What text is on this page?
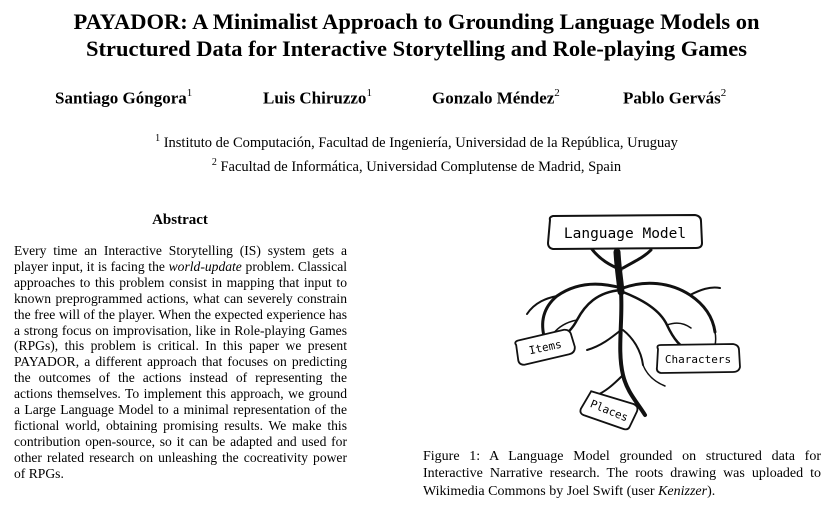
PAYADOR: A Minimalist Approach to Grounding Language Models on
Structured Data for Interactive Storytelling and Role-playing Games
Santiago Góngora$^1$	Luis Chiruzzo$^1$	Gonzalo Méndez$^2$	Pablo Gervás$^2$
$^1$ Instituto de Computación, Facultad de Ingeniería, Universidad de la República, Uruguay
$^2$ Facultad de Informática, Universidad Complutense de Madrid, Spain
Abstract

Every time an Interactive Storytelling (IS) system gets a player input, it is facing the world-update problem. Classical approaches to this problem consist in mapping that input to known preprogrammed actions, what can severely constrain the free will of the player. When the expected experience has a strong focus on improvisation, like in Role-playing Games (RPGs), this problem is critical. In this paper we present PAYADOR, a different approach that focuses on predicting the outcomes of the actions instead of representing the actions themselves. To implement this approach, we ground a Large Language Model to a minimal representation of the fictional world, obtaining promising results. We make this contribution open-source, so it can be adapted and used for other related research on unleashing the cocreativity power of RPGs.

Language Model
Items
Characters
Places

Figure 1: A Language Model grounded on structured data for Interactive Narrative research. The roots drawing was uploaded to Wikimedia Commons by Joel Swift (user Kenizzer).
